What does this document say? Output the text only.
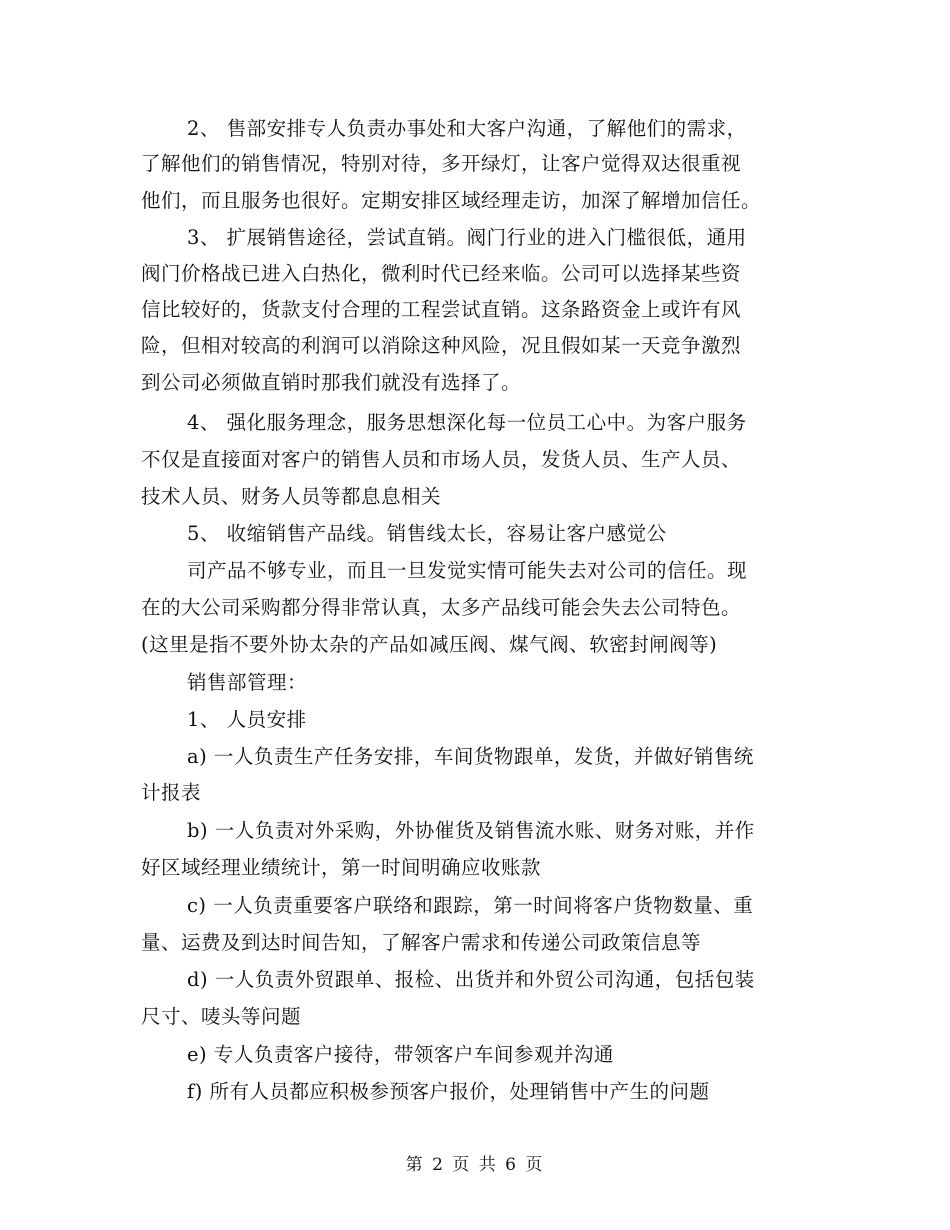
2、 售部安排专人负责办事处和大客户沟通，了解他们的需求，
了解他们的销售情况，特别对待，多开绿灯，让客户觉得双达很重视
他们，而且服务也很好。定期安排区域经理走访，加深了解增加信任。
3、 扩展销售途径，尝试直销。阀门行业的进入门槛很低，通用
阀门价格战已进入白热化，微利时代已经来临。公司可以选择某些资
信比较好的，货款支付合理的工程尝试直销。这条路资金上或许有风
险，但相对较高的利润可以消除这种风险，况且假如某一天竞争激烈
到公司必须做直销时那我们就没有选择了。
4、 强化服务理念，服务思想深化每一位员工心中。为客户服务
不仅是直接面对客户的销售人员和市场人员，发货人员、生产人员、
技术人员、财务人员等都息息相关
5、 收缩销售产品线。销售线太长，容易让客户感觉公
司产品不够专业，而且一旦发觉实情可能失去对公司的信任。现
在的大公司采购都分得非常认真，太多产品线可能会失去公司特色。
(这里是指不要外协太杂的产品如减压阀、煤气阀、软密封闸阀等)
销售部管理：
1、 人员安排
a) 一人负责生产任务安排，车间货物跟单，发货，并做好销售统
计报表
b) 一人负责对外采购，外协催货及销售流水账、财务对账，并作
好区域经理业绩统计，第一时间明确应收账款
c) 一人负责重要客户联络和跟踪，第一时间将客户货物数量、重
量、运费及到达时间告知，了解客户需求和传递公司政策信息等
d) 一人负责外贸跟单、报检、出货并和外贸公司沟通，包括包装
尺寸、唛头等问题
e) 专人负责客户接待，带领客户车间参观并沟通
f) 所有人员都应积极参预客户报价，处理销售中产生的问题
第 2 页 共 6 页
